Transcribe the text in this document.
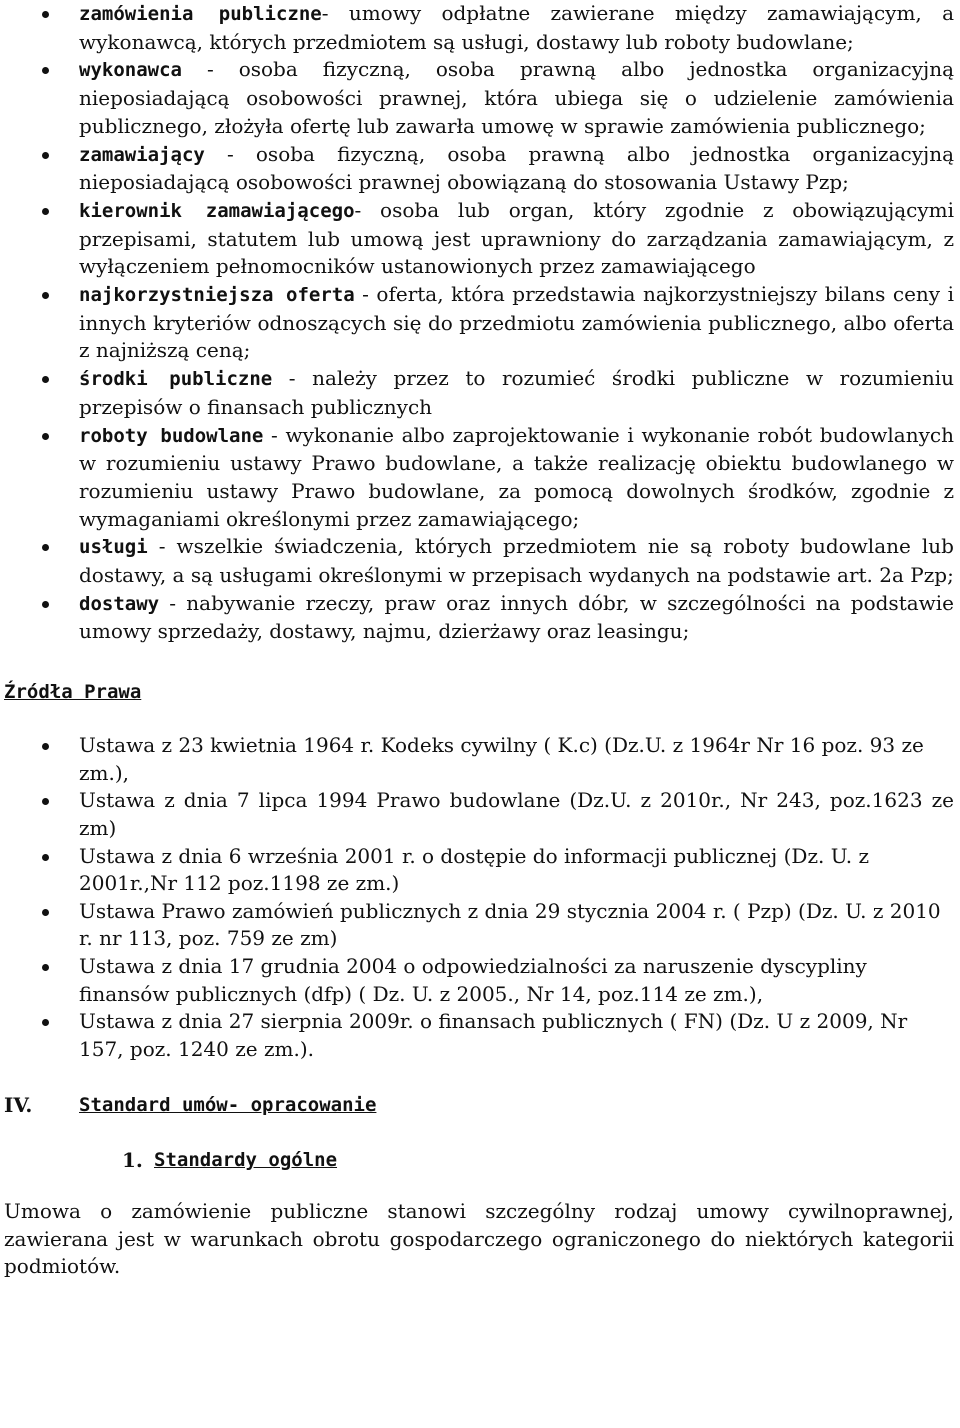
zamówienia publiczne- umowy odpłatne zawierane między zamawiającym, a wykonawcą, których przedmiotem są usługi, dostawy lub roboty budowlane;
wykonawca - osoba fizyczną, osoba prawną albo jednostka organizacyjną nieposiadającą osobowości prawnej, która ubiega się o udzielenie zamówienia publicznego, złożyła ofertę lub zawarła umowę w sprawie zamówienia publicznego;
zamawiający - osoba fizyczną, osoba prawną albo jednostka organizacyjną nieposiadającą osobowości prawnej obowiązaną do stosowania Ustawy Pzp;
kierownik zamawiającego- osoba lub organ, który zgodnie z obowiązującymi przepisami, statutem lub umową jest uprawniony do zarządzania zamawiającym, z wyłączeniem pełnomocników ustanowionych przez zamawiającego
najkorzystniejsza oferta - oferta, która przedstawia najkorzystniejszy bilans ceny i innych kryteriów odnoszących się do przedmiotu zamówienia publicznego, albo oferta z najniższą ceną;
środki publiczne - należy przez to rozumieć środki publiczne w rozumieniu przepisów o finansach publicznych
roboty budowlane - wykonanie albo zaprojektowanie i wykonanie robót budowlanych w rozumieniu ustawy Prawo budowlane, a także realizację obiektu budowlanego w rozumieniu ustawy Prawo budowlane, za pomocą dowolnych środków, zgodnie z wymaganiami określonymi przez zamawiającego;
usługi - wszelkie świadczenia, których przedmiotem nie są roboty budowlane lub dostawy, a są usługami określonymi w przepisach wydanych na podstawie art. 2a Pzp;
dostawy - nabywanie rzeczy, praw oraz innych dóbr, w szczególności na podstawie umowy sprzedaży, dostawy, najmu, dzierżawy oraz leasingu;
Źródła Prawa
Ustawa z 23 kwietnia 1964 r. Kodeks cywilny ( K.c) (Dz.U. z 1964r Nr 16 poz. 93 ze zm.),
Ustawa z dnia 7 lipca 1994 Prawo budowlane (Dz.U. z 2010r., Nr 243, poz.1623 ze zm)
Ustawa z dnia 6 września 2001 r. o dostępie do informacji publicznej (Dz. U. z 2001r.,Nr 112 poz.1198 ze zm.)
Ustawa Prawo zamówień publicznych z dnia 29 stycznia 2004 r. ( Pzp) (Dz. U. z 2010 r. nr 113, poz. 759 ze zm)
Ustawa z dnia 17 grudnia 2004 o odpowiedzialności za naruszenie dyscypliny finansów publicznych (dfp) ( Dz. U. z 2005., Nr 14, poz.114 ze zm.),
Ustawa z dnia 27 sierpnia 2009r. o finansach publicznych ( FN) (Dz. U z 2009, Nr 157, poz. 1240 ze zm.).
IV. Standard umów- opracowanie
1. Standardy ogólne
Umowa o zamówienie publiczne stanowi szczególny rodzaj umowy cywilnoprawnej, zawierana jest w warunkach obrotu gospodarczego ograniczonego do niektórych kategorii podmiotów.
